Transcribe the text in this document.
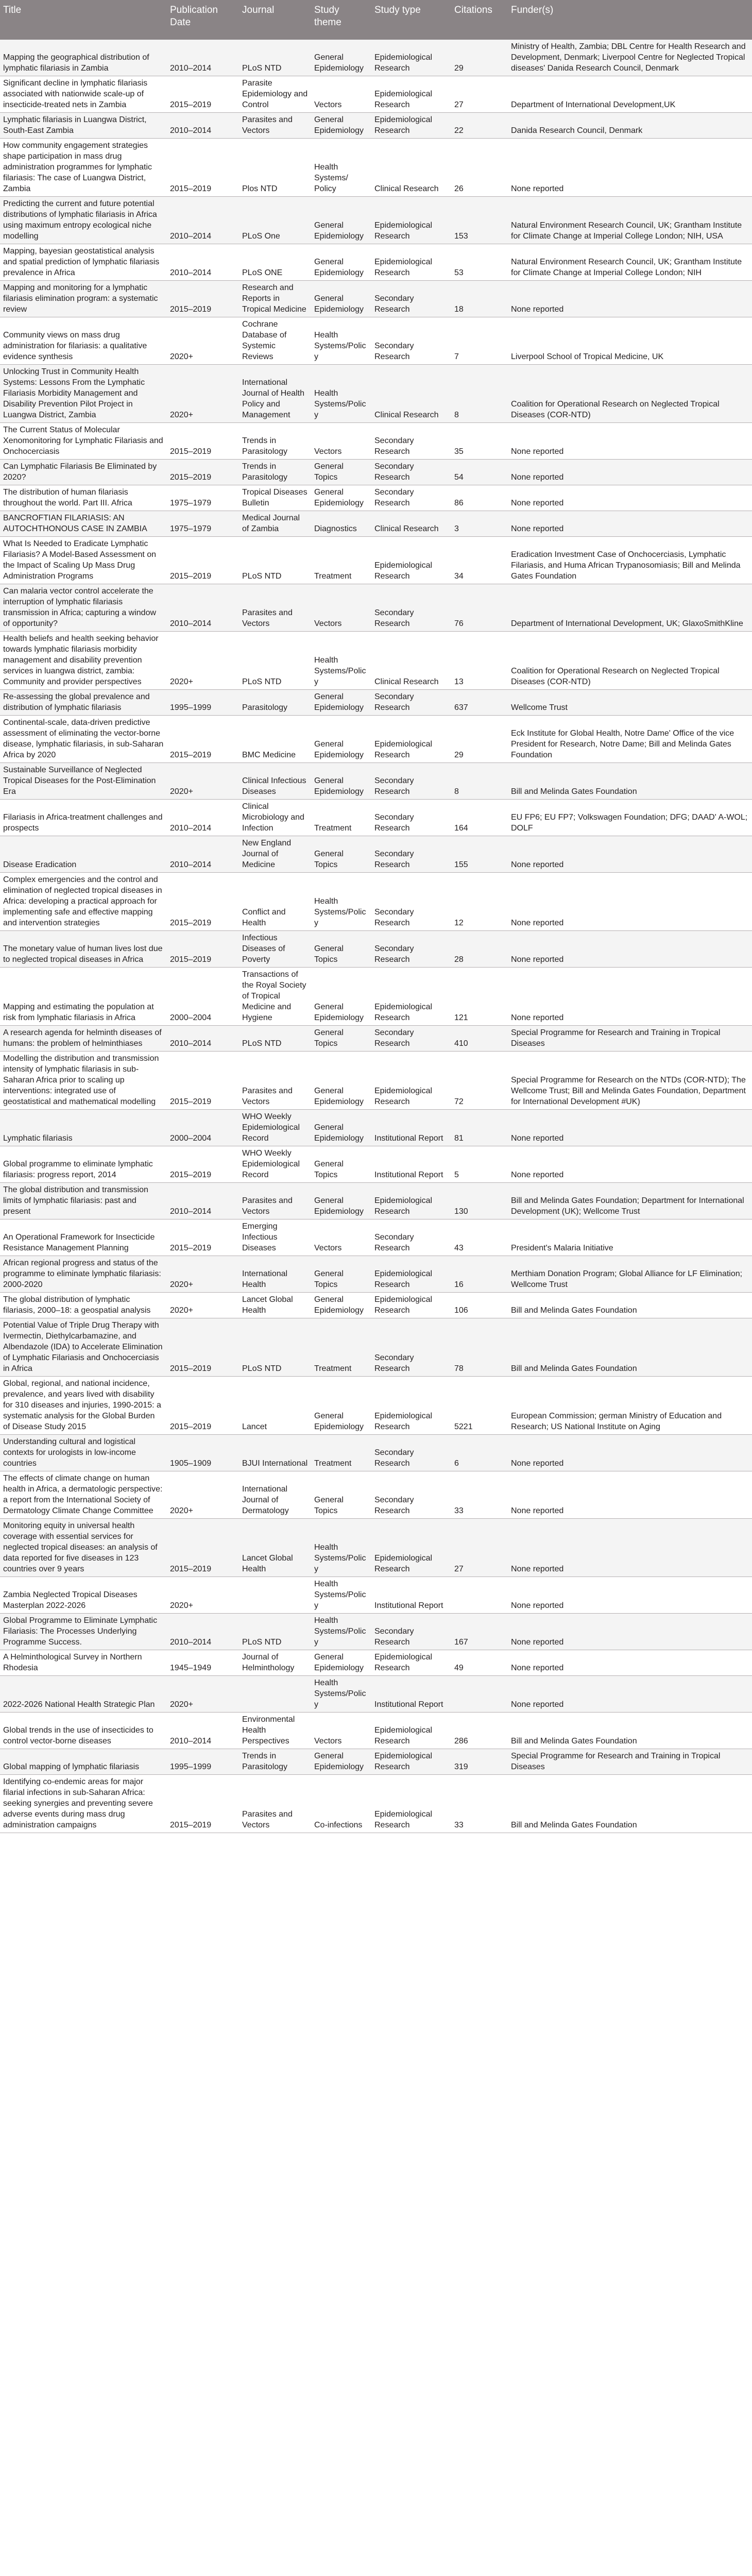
Title	Publication Date	Journal	Study theme	Study type	Citations	Funder(s)
Mapping the geographical distribution of lymphatic filariasis in Zambia	2010–2014	PLoS NTD	General Epidemiology	Epidemiological Research	29	Ministry of Health, Zambia; DBL Centre for Health Research and Development, Denmark; Liverpool Centre for Neglected Tropical diseases' Danida Research Council, Denmark
Significant decline in lymphatic filariasis associated with nationwide scale-up of insecticide-treated nets in Zambia	2015–2019	Parasite Epidemiology and Control	Vectors	Epidemiological Research	27	Department of International Development,UK
Lymphatic filariasis in Luangwa District, South-East Zambia	2010–2014	Parasites and Vectors	General Epidemiology	Epidemiological Research	22	Danida Research Council, Denmark
How community engagement strategies shape participation in mass drug administration programmes for lymphatic filariasis: The case of Luangwa District, Zambia	2015–2019	Plos NTD	Health Systems/ Policy	Clinical Research	26	None reported
Predicting the current and future potential distributions of lymphatic filariasis in Africa using maximum entropy ecological niche modelling	2010–2014	PLoS One	General Epidemiology	Epidemiological Research	153	Natural Environment Research Council, UK; Grantham Institute for Climate Change at Imperial College London; NIH, USA
Mapping, bayesian geostatistical analysis and spatial prediction of lymphatic filariasis prevalence in Africa	2010–2014	PLoS ONE	General Epidemiology	Epidemiological Research	53	Natural Environment Research Council, UK; Grantham Institute for Climate Change at Imperial College London; NIH
Mapping and monitoring for a lymphatic filariasis elimination program: a systematic review	2015–2019	Research and Reports in Tropical Medicine	General Epidemiology	Secondary Research	18	None reported
Community views on mass drug administration for filariasis: a qualitative evidence synthesis	2020+	Cochrane Database of Systemic Reviews	Health Systems/Policy	Secondary Research	7	Liverpool School of Tropical Medicine, UK
Unlocking Trust in Community Health Systems: Lessons From the Lymphatic Filariasis Morbidity Management and Disability Prevention Pilot Project in Luangwa District, Zambia	2020+	International Journal of Health Policy and Management	Health Systems/Policy	Clinical Research	8	Coalition for Operational Research on Neglected Tropical Diseases (COR-NTD)
The Current Status of Molecular Xenomonitoring for Lymphatic Filariasis and Onchocerciasis	2015–2019	Trends in Parasitology	Vectors	Secondary Research	35	None reported
Can Lymphatic Filariasis Be Eliminated by 2020?	2015–2019	Trends in Parasitology	General Topics	Secondary Research	54	None reported
The distribution of human filariasis throughout the world. Part III. Africa	1975–1979	Tropical Diseases Bulletin	General Epidemiology	Secondary Research	86	None reported
BANCROFTIAN FILARIASIS: AN AUTOCHTHONOUS CASE IN ZAMBIA	1975–1979	Medical Journal of Zambia	Diagnostics	Clinical Research	3	None reported
What Is Needed to Eradicate Lymphatic Filariasis? A Model-Based Assessment on the Impact of Scaling Up Mass Drug Administration Programs	2015–2019	PLoS NTD	Treatment	Epidemiological Research	34	Eradication Investment Case of Onchocerciasis, Lymphatic Filariasis, and Huma African Trypanosomiasis; Bill and Melinda Gates Foundation
Can malaria vector control accelerate the interruption of lymphatic filariasis transmission in Africa; capturing a window of opportunity?	2010–2014	Parasites and Vectors	Vectors	Secondary Research	76	Department of International Development, UK; GlaxoSmithKline
Health beliefs and health seeking behavior towards lymphatic filariasis morbidity management and disability prevention services in luangwa district, zambia: Community and provider perspectives	2020+	PLoS NTD	Health Systems/Policy	Clinical Research	13	Coalition for Operational Research on Neglected Tropical Diseases (COR-NTD)
Re-assessing the global prevalence and distribution of lymphatic filariasis	1995–1999	Parasitology	General Epidemiology	Secondary Research	637	Wellcome Trust
Continental-scale, data-driven predictive assessment of eliminating the vector-borne disease, lymphatic filariasis, in sub-Saharan Africa by 2020	2015–2019	BMC Medicine	General Epidemiology	Epidemiological Research	29	Eck Institute for Global Health, Notre Dame' Office of the vice President for Research, Notre Dame; Bill and Melinda Gates Foundation
Sustainable Surveillance of Neglected Tropical Diseases for the Post-Elimination Era	2020+	Clinical Infectious Diseases	General Epidemiology	Secondary Research	8	Bill and Melinda Gates Foundation
Filariasis in Africa-treatment challenges and prospects	2010–2014	Clinical Microbiology and Infection	Treatment	Secondary Research	164	EU FP6; EU FP7; Volkswagen Foundation; DFG; DAAD' A-WOL; DOLF
Disease Eradication	2010–2014	New England Journal of Medicine	General Topics	Secondary Research	155	None reported
Complex emergencies and the control and elimination of neglected tropical diseases in Africa: developing a practical approach for implementing safe and effective mapping and intervention strategies	2015–2019	Conflict and Health	Health Systems/Policy	Secondary Research	12	None reported
The monetary value of human lives lost due to neglected tropical diseases in Africa	2015–2019	Infectious Diseases of Poverty	General Topics	Secondary Research	28	None reported
Mapping and estimating the population at risk from lymphatic filariasis in Africa	2000–2004	Transactions of the Royal Society of Tropical Medicine and Hygiene	General Epidemiology	Epidemiological Research	121	None reported
A research agenda for helminth diseases of humans: the problem of helminthiases	2010–2014	PLoS NTD	General Topics	Secondary Research	410	Special Programme for Research and Training in Tropical Diseases
Modelling the distribution and transmission intensity of lymphatic filariasis in sub-Saharan Africa prior to scaling up interventions: integrated use of geostatistical and mathematical modelling	2015–2019	Parasites and Vectors	General Epidemiology	Epidemiological Research	72	Special Programme for Research on the NTDs (COR-NTD); The Wellcome Trust; Bill and Melinda Gates Foundation, Department for International Development #UK)
Lymphatic filariasis	2000–2004	WHO Weekly Epidemiological Record	General Epidemiology	Institutional Report	81	None reported
Global programme to eliminate lymphatic filariasis: progress report, 2014	2015–2019	WHO Weekly Epidemiological Record	General Topics	Institutional Report	5	None reported
The global distribution and transmission limits of lymphatic filariasis: past and present	2010–2014	Parasites and Vectors	General Epidemiology	Epidemiological Research	130	Bill and Melinda Gates Foundation; Department for International Development (UK); Wellcome Trust
An Operational Framework for Insecticide Resistance Management Planning	2015–2019	Emerging Infectious Diseases	Vectors	Secondary Research	43	President's Malaria Initiative
African regional progress and status of the programme to eliminate lymphatic filariasis: 2000-2020	2020+	International Health	General Topics	Epidemiological Research	16	Merthiam Donation Program; Global Alliance for LF Elimination; Wellcome Trust
The global distribution of lymphatic filariasis, 2000–18: a geospatial analysis	2020+	Lancet Global Health	General Epidemiology	Epidemiological Research	106	Bill and Melinda Gates Foundation
Potential Value of Triple Drug Therapy with Ivermectin, Diethylcarbamazine, and Albendazole (IDA) to Accelerate Elimination of Lymphatic Filariasis and Onchocerciasis in Africa	2015–2019	PLoS NTD	Treatment	Secondary Research	78	Bill and Melinda Gates Foundation
Global, regional, and national incidence, prevalence, and years lived with disability for 310 diseases and injuries, 1990-2015: a systematic analysis for the Global Burden of Disease Study 2015	2015–2019	Lancet	General Epidemiology	Epidemiological Research	5221	European Commission; german Ministry of Education and Research; US National Institute on Aging
Understanding cultural and logistical contexts for urologists in low-income countries	1905–1909	BJUI International	Treatment	Secondary Research	6	None reported
The effects of climate change on human health in Africa, a dermatologic perspective: a report from the International Society of Dermatology Climate Change Committee	2020+	International Journal of Dermatology	General Topics	Secondary Research	33	None reported
Monitoring equity in universal health coverage with essential services for neglected tropical diseases: an analysis of data reported for five diseases in 123 countries over 9 years	2015–2019	Lancet Global Health	Health Systems/Policy	Epidemiological Research	27	None reported
Zambia Neglected Tropical Diseases Masterplan 2022-2026	2020+		Health Systems/Policy	Institutional Report		None reported
Global Programme to Eliminate Lymphatic Filariasis: The Processes Underlying Programme Success.	2010–2014	PLoS NTD	Health Systems/Policy	Secondary Research	167	None reported
A Helminthological Survey in Northern Rhodesia	1945–1949	Journal of Helminthology	General Epidemiology	Epidemiological Research	49	None reported
2022-2026 National Health Strategic Plan	2020+		Health Systems/Policy	Institutional Report		None reported
Global trends in the use of insecticides to control vector-borne diseases	2010–2014	Environmental Health Perspectives	Vectors	Epidemiological Research	286	Bill and Melinda Gates Foundation
Global mapping of lymphatic filariasis	1995–1999	Trends in Parasitology	General Epidemiology	Epidemiological Research	319	Special Programme for Research and Training in Tropical Diseases
Identifying co-endemic areas for major filarial infections in sub-Saharan Africa: seeking synergies and preventing severe adverse events during mass drug administration campaigns	2015–2019	Parasites and Vectors	Co-infections	Epidemiological Research	33	Bill and Melinda Gates Foundation
